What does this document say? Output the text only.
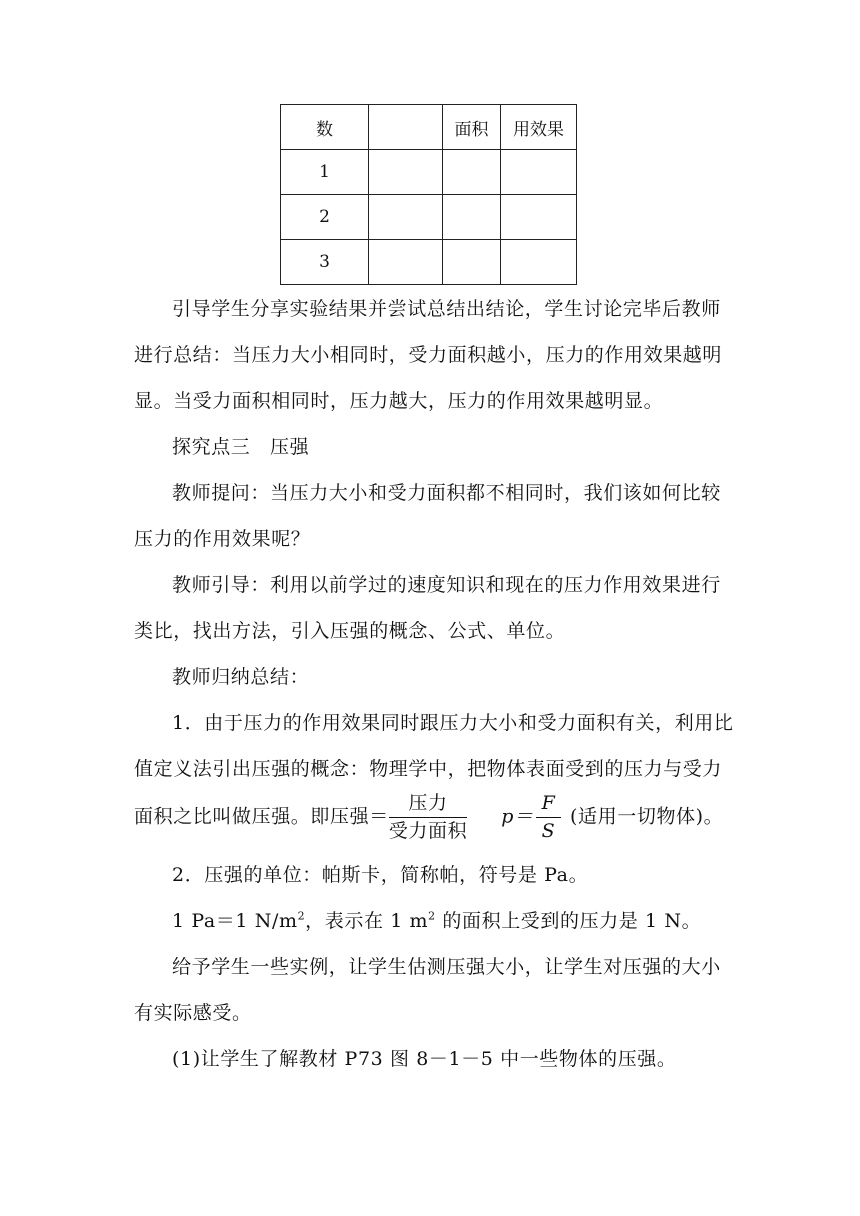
数		面积	用效果
1			
2			
3			

引导学生分享实验结果并尝试总结出结论，学生讨论完毕后教师进行总结：当压力大小相同时，受力面积越小，压力的作用效果越明显。当受力面积相同时，压力越大，压力的作用效果越明显。

探究点三　压强

教师提问：当压力大小和受力面积都不相同时，我们该如何比较压力的作用效果呢？

教师引导：利用以前学过的速度知识和现在的压力作用效果进行类比，找出方法，引入压强的概念、公式、单位。

教师归纳总结：

1．由于压力的作用效果同时跟压力大小和受力面积有关，利用比值定义法引出压强的概念：物理学中，把物体表面受到的压力与受力面积之比叫做压强。即压强＝ $\frac{\text{压力}}{\text{受力面积}} p= \frac{F}{S}$ (适用一切物体)。

2．压强的单位：帕斯卡，简称帕，符号是 Pa。

1 Pa＝1 $N/m^2$，表示在 1 $m^2$ 的面积上受到的压力是 1 N。

给予学生一些实例，让学生估测压强大小，让学生对压强的大小有实际感受。

(1)让学生了解教材 P73 图 8－1－5 中一些物体的压强。
